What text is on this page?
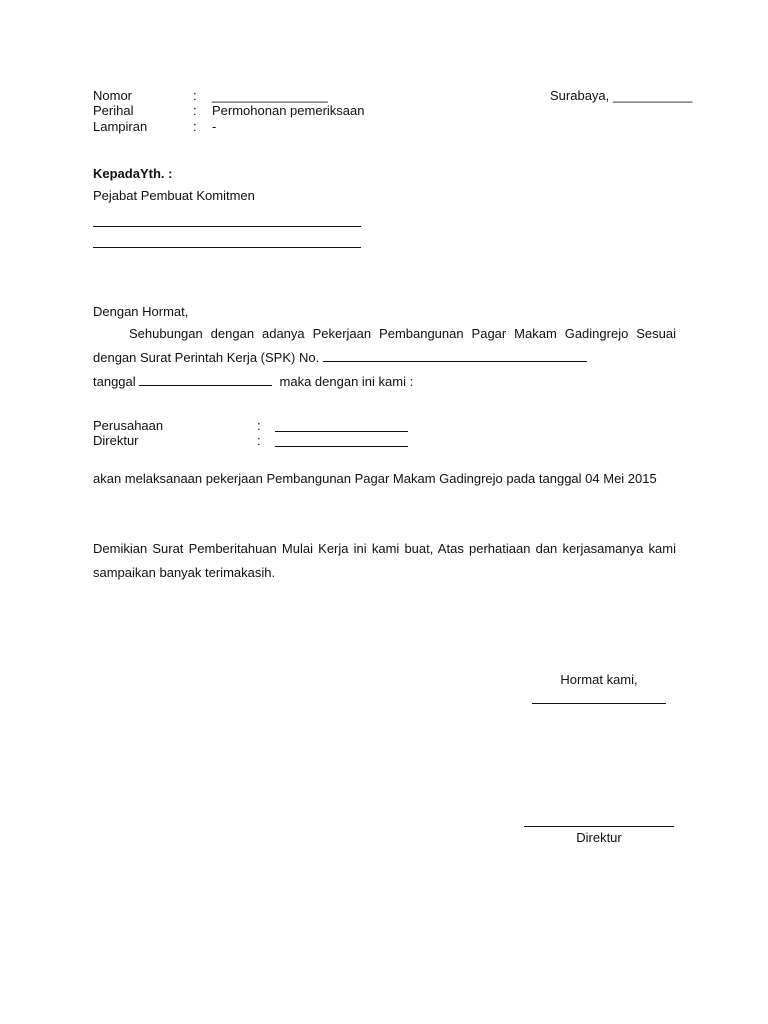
Nomor	: ________________
Perihal	: Permohonan pemeriksaan
Lampiran	: -
Surabaya, ___________
KepadaYth. :
Pejabat Pembuat Komitmen
Dengan Hormat,
Sehubungan dengan adanya Pekerjaan Pembangunan Pagar Makam Gadingrejo Sesuai dengan Surat Perintah Kerja (SPK) No.
tanggal	maka dengan ini kami :
Perusahaan	:
Direktur	:
akan melaksanaan pekerjaan Pembangunan Pagar Makam Gadingrejo pada tanggal 04 Mei 2015
Demikian Surat Pemberitahuan Mulai Kerja ini kami buat, Atas perhatiaan dan kerjasamanya kami sampaikan banyak terimakasih.
Hormat kami,
Direktur
